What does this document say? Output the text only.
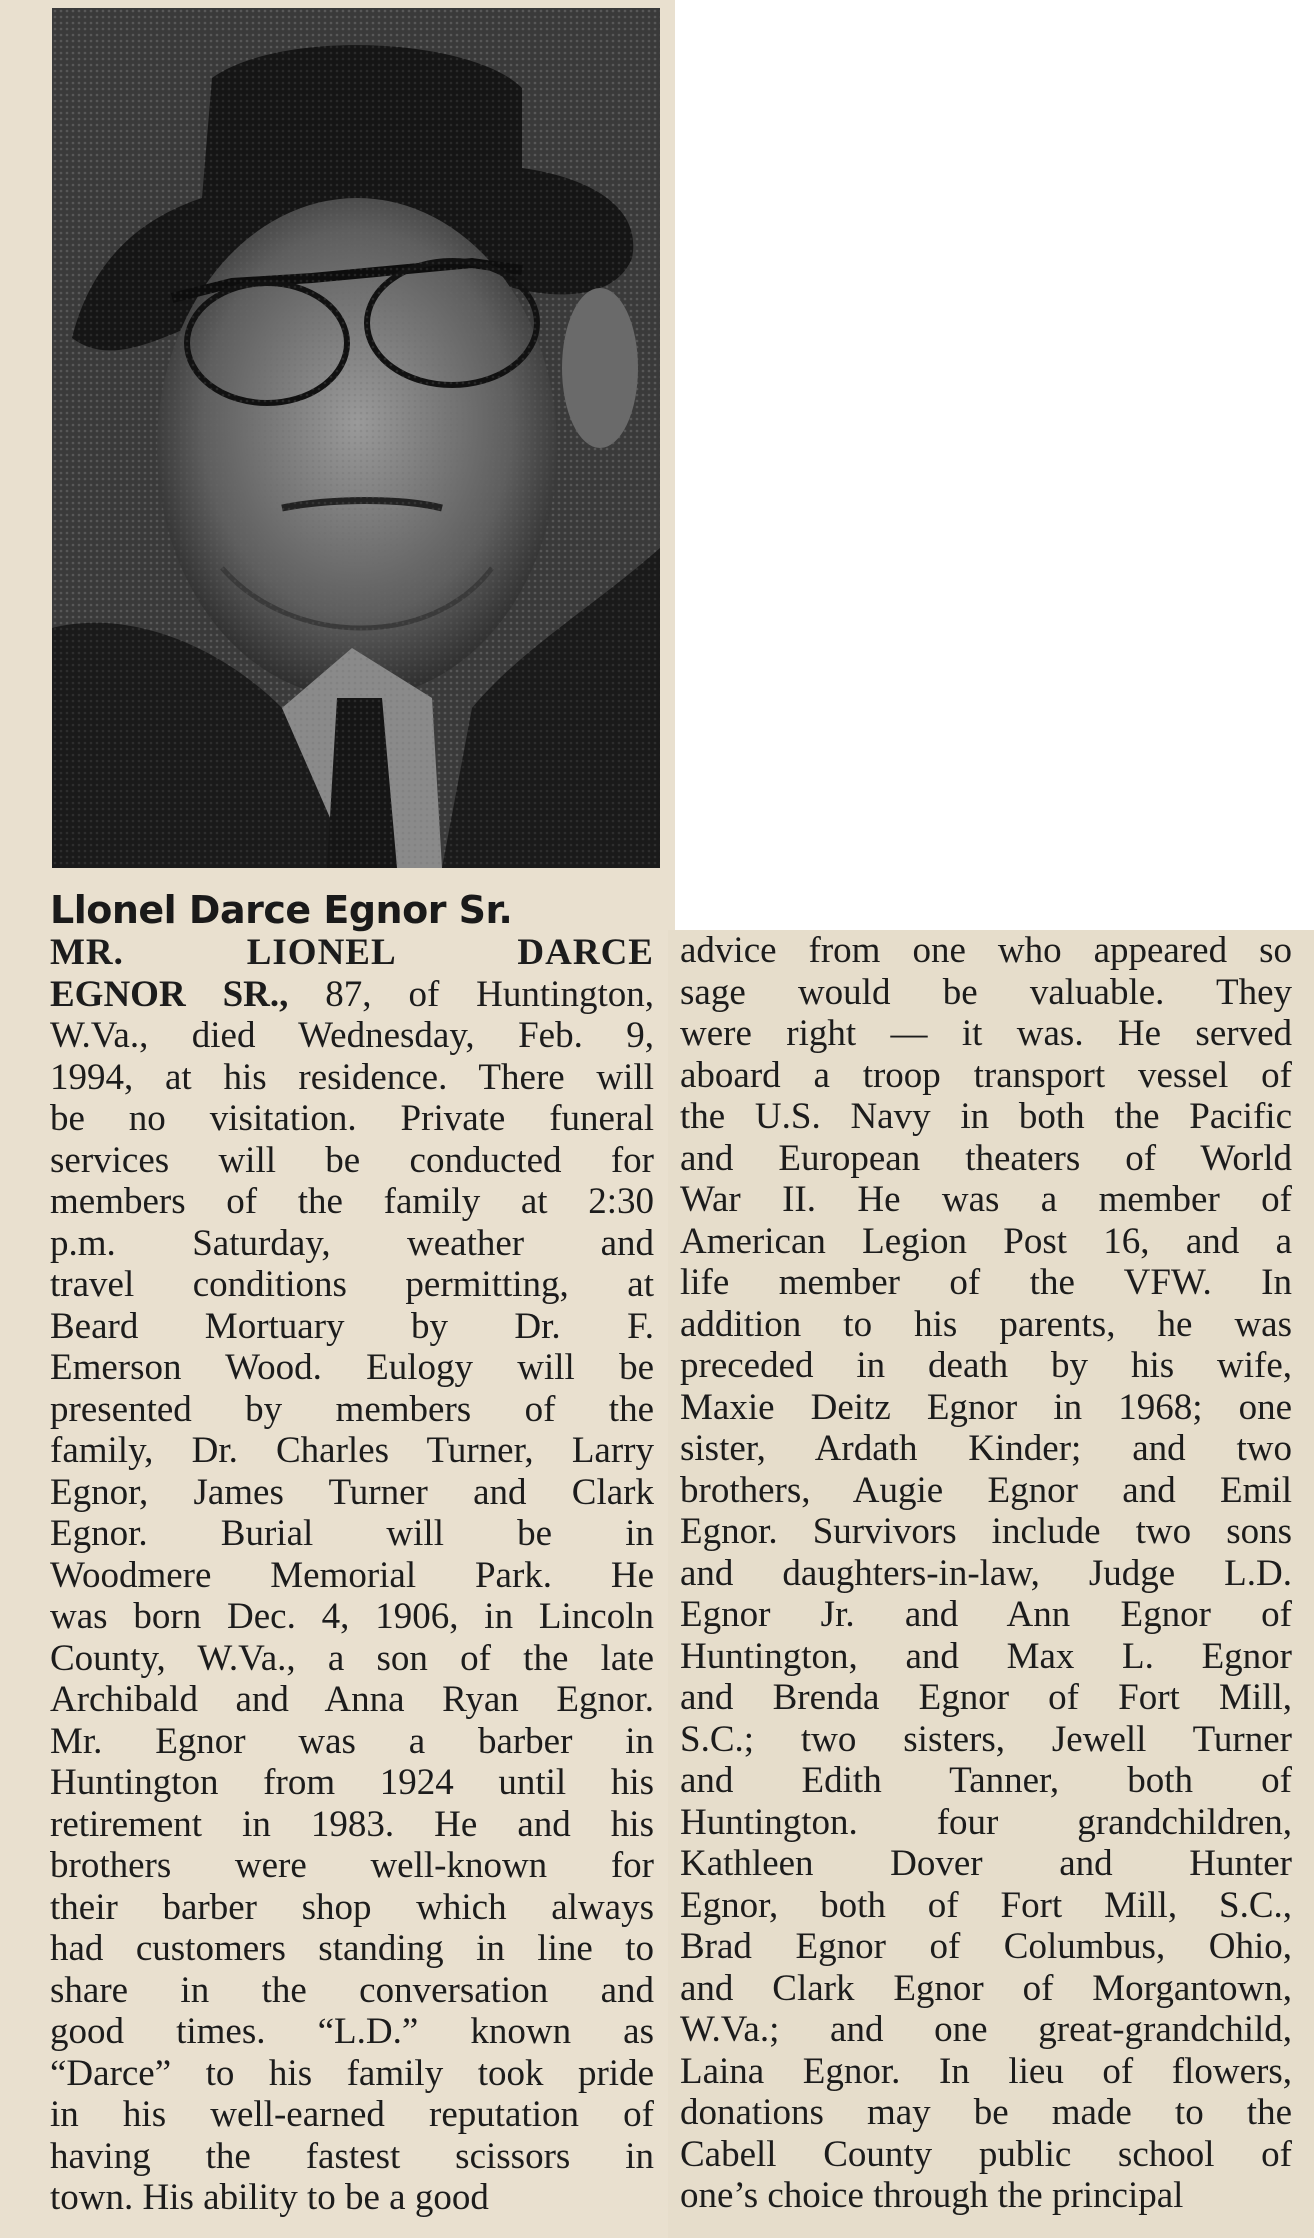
Llonel Darce Egnor Sr.
MR. LIONEL DARCE
EGNOR SR., 87, of Huntington,
W.Va., died Wednesday, Feb. 9,
1994, at his residence. There will
be no visitation. Private funeral
services will be conducted for
members of the family at 2:30
p.m. Saturday, weather and
travel conditions permitting, at
Beard Mortuary by Dr. F.
Emerson Wood. Eulogy will be
presented by members of the
family, Dr. Charles Turner, Larry
Egnor, James Turner and Clark
Egnor. Burial will be in
Woodmere Memorial Park. He
was born Dec. 4, 1906, in Lincoln
County, W.Va., a son of the late
Archibald and Anna Ryan Egnor.
Mr. Egnor was a barber in
Huntington from 1924 until his
retirement in 1983. He and his
brothers were well-known for
their barber shop which always
had customers standing in line to
share in the conversation and
good times. “L.D.” known as
“Darce” to his family took pride
in his well-earned reputation of
having the fastest scissors in
town. His ability to be a good
advice from one who appeared so
sage would be valuable. They
were right — it was. He served
aboard a troop transport vessel of
the U.S. Navy in both the Pacific
and European theaters of World
War II. He was a member of
American Legion Post 16, and a
life member of the VFW. In
addition to his parents, he was
preceded in death by his wife,
Maxie Deitz Egnor in 1968; one
sister, Ardath Kinder; and two
brothers, Augie Egnor and Emil
Egnor. Survivors include two sons
and daughters-in-law, Judge L.D.
Egnor Jr. and Ann Egnor of
Huntington, and Max L. Egnor
and Brenda Egnor of Fort Mill,
S.C.; two sisters, Jewell Turner
and Edith Tanner, both of
Huntington. four grandchildren,
Kathleen Dover and Hunter
Egnor, both of Fort Mill, S.C.,
Brad Egnor of Columbus, Ohio,
and Clark Egnor of Morgantown,
W.Va.; and one great-grandchild,
Laina Egnor. In lieu of flowers,
donations may be made to the
Cabell County public school of
one’s choice through the principal
